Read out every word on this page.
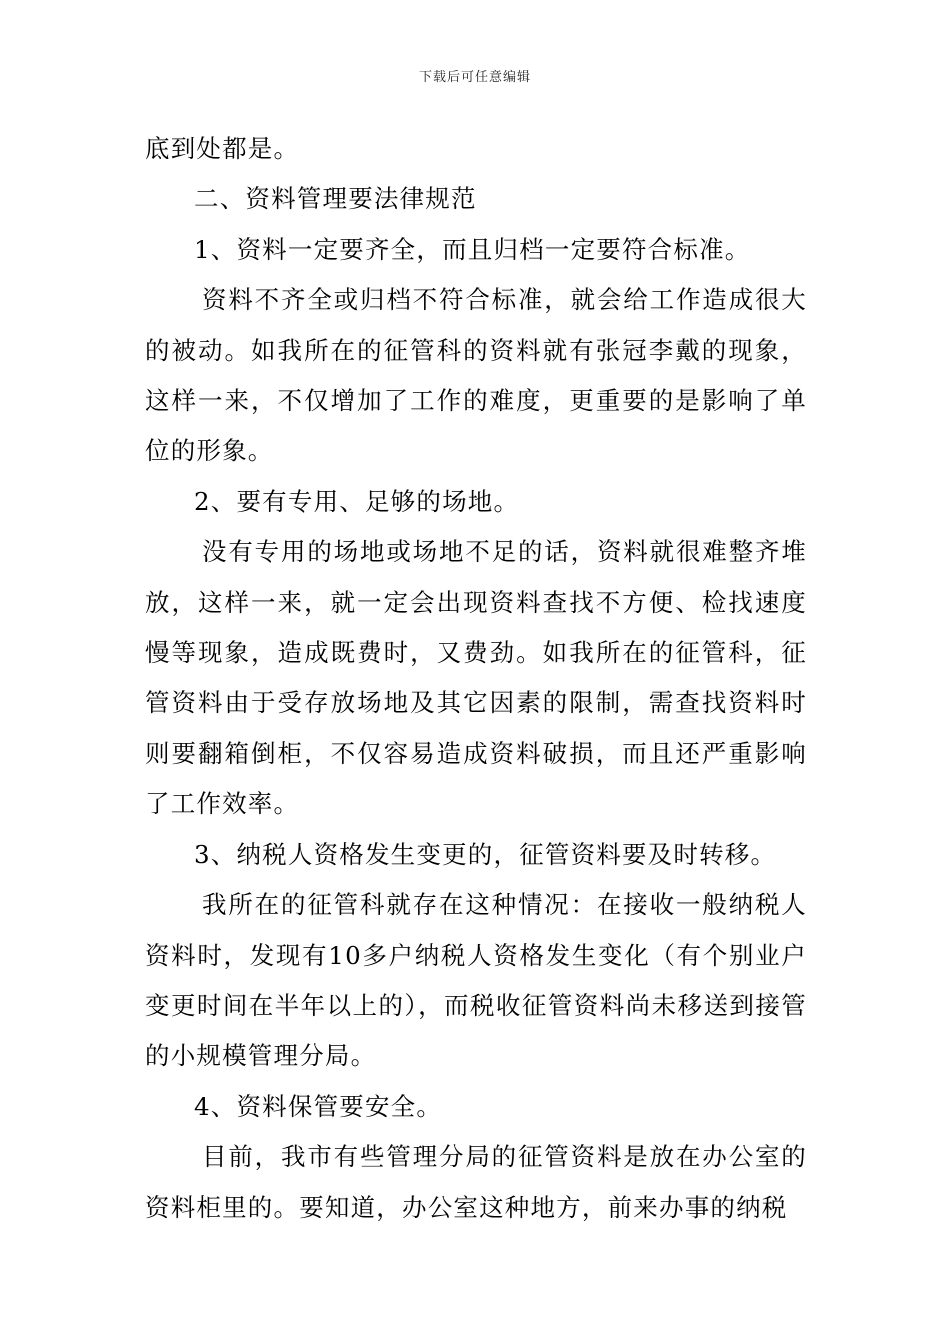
下载后可任意编辑

底到处都是。

二、资料管理要法律规范

1、资料一定要齐全，而且归档一定要符合标准。

资料不齐全或归档不符合标准，就会给工作造成很大的被动。如我所在的征管科的资料就有张冠李戴的现象，这样一来，不仅增加了工作的难度，更重要的是影响了单位的形象。

2、要有专用、足够的场地。

没有专用的场地或场地不足的话，资料就很难整齐堆放，这样一来，就一定会出现资料查找不方便、检找速度慢等现象，造成既费时，又费劲。如我所在的征管科，征管资料由于受存放场地及其它因素的限制，需查找资料时则要翻箱倒柜，不仅容易造成资料破损，而且还严重影响了工作效率。

3、纳税人资格发生变更的，征管资料要及时转移。

我所在的征管科就存在这种情况：在接收一般纳税人资料时，发现有10多户纳税人资格发生变化（有个别业户变更时间在半年以上的），而税收征管资料尚未移送到接管的小规模管理分局。

4、资料保管要安全。

目前，我市有些管理分局的征管资料是放在办公室的资料柜里的。要知道，办公室这种地方，前来办事的纳税
